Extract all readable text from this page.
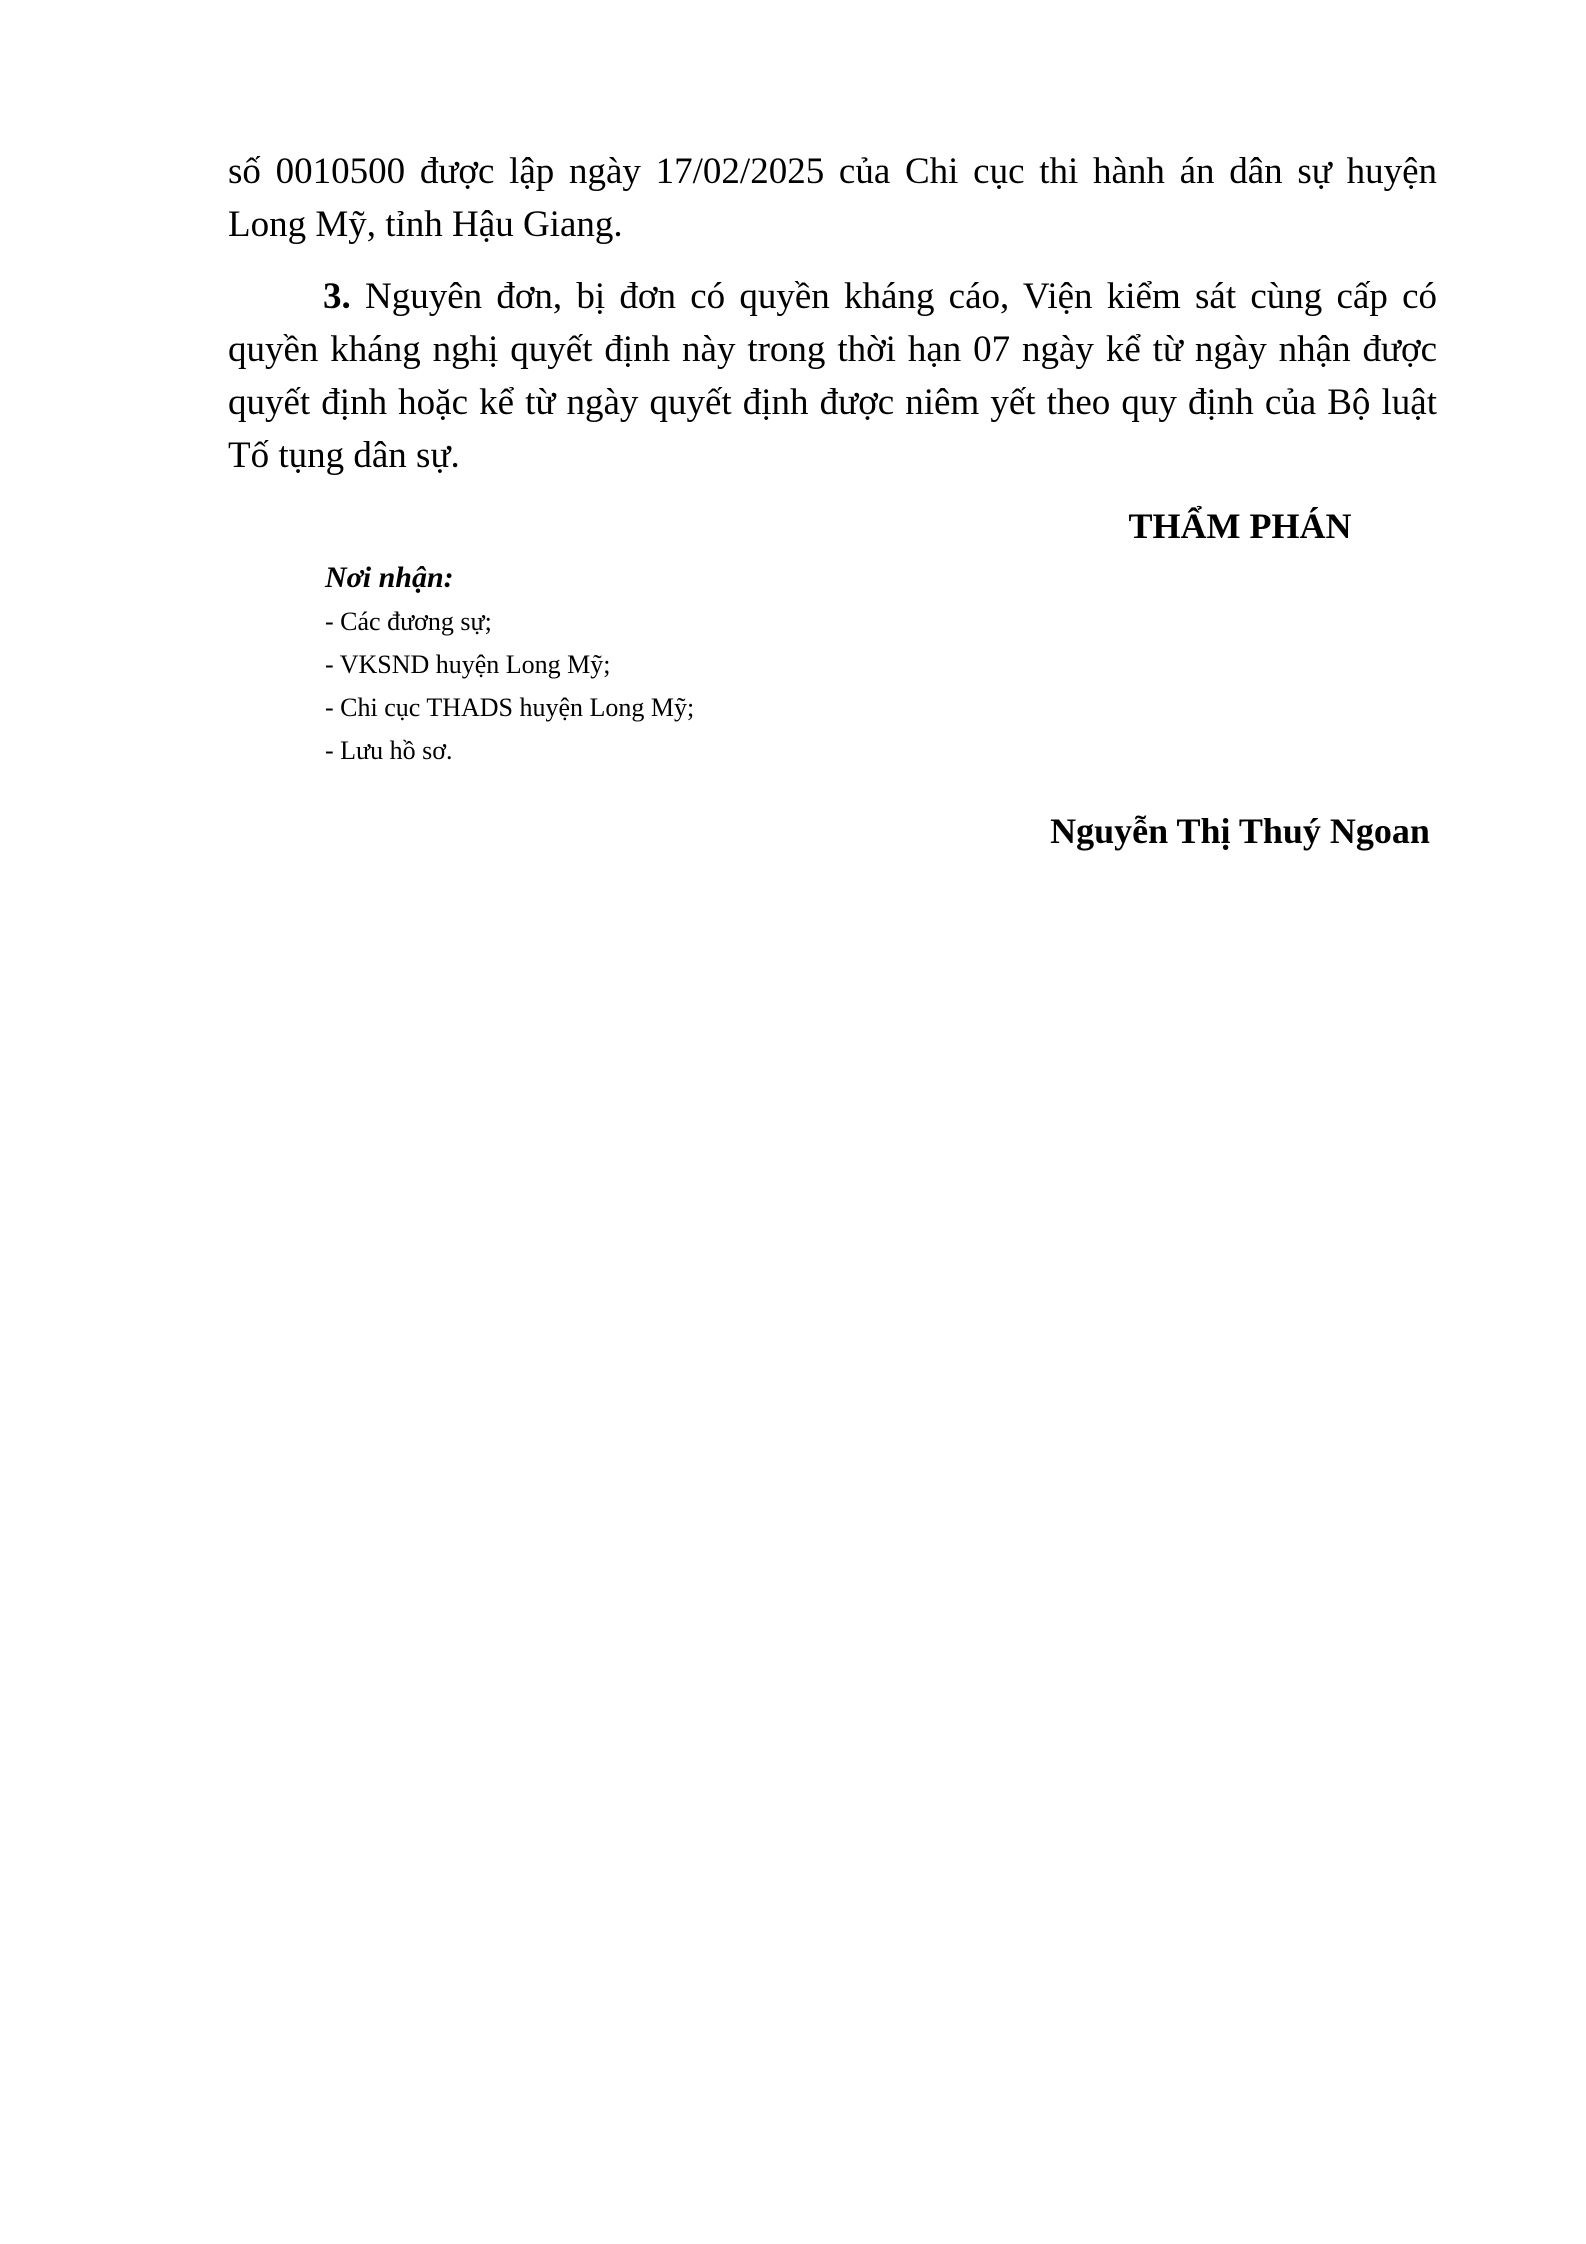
số 0010500 được lập ngày 17/02/2025 của Chi cục thi hành án dân sự huyện Long Mỹ, tỉnh Hậu Giang.

3. Nguyên đơn, bị đơn có quyền kháng cáo, Viện kiểm sát cùng cấp có quyền kháng nghị quyết định này trong thời hạn 07 ngày kể từ ngày nhận được quyết định hoặc kể từ ngày quyết định được niêm yết theo quy định của Bộ luật Tố tụng dân sự.

THẨM PHÁN

Nơi nhận:

- Các đương sự;
- VKSND huyện Long Mỹ;
- Chi cục THADS huyện Long Mỹ;
- Lưu hồ sơ.

Nguyễn Thị Thuý Ngoan
